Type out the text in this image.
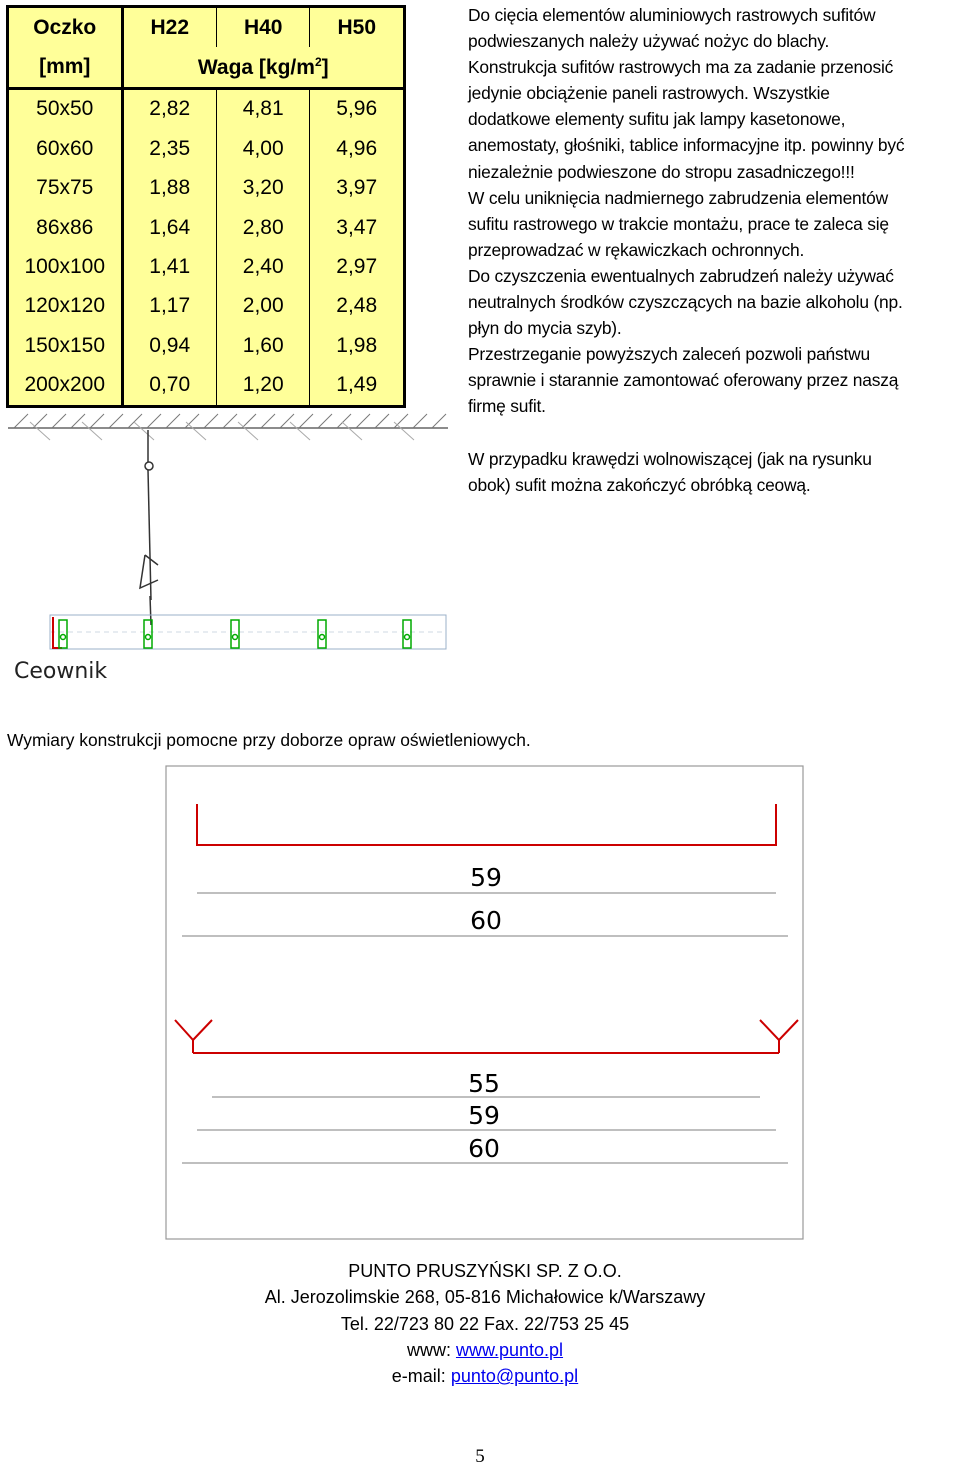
Oczko	H22	H40	H50
[mm]	Waga $[kg/m^2]$		
50x50	2,82	4,81	5,96
60x60	2,35	4,00	4,96
75x75	1,88	3,20	3,97
86x86	1,64	2,80	3,47
100x100	1,41	2,40	2,97
120x120	1,17	2,00	2,48
150x150	0,94	1,60	1,98
200x200	0,70	1,20	1,49

Do cięcia elementów aluminiowych rastrowych sufitów

podwieszanych należy używać nożyc do blachy.

Konstrukcja sufitów rastrowych ma za zadanie przenosić

jedynie obciążenie paneli rastrowych. Wszystkie

dodatkowe elementy sufitu jak lampy kasetonowe,

anemostaty, głośniki, tablice informacyjne itp. powinny być

niezależnie podwieszone do stropu zasadniczego!!!

W celu uniknięcia nadmiernego zabrudzenia elementów

sufitu rastrowego w trakcie montażu, prace te zaleca się

przeprowadzać w rękawiczkach ochronnych.

Do czyszczenia ewentualnych zabrudzeń należy używać

neutralnych środków czyszczących na bazie alkoholu (np.

płyn do mycia szyb).

Przestrzeganie powyższych zaleceń pozwoli państwu

sprawnie i starannie zamontować oferowany przez naszą

firmę sufit.

W przypadku krawędzi wolnowiszącej (jak na rysunku

obok) sufit można zakończyć obróbką ceową.

Ceownik
59
60
55
59
60
Wymiary konstrukcji pomocne przy doborze opraw oświetleniowych.
PUNTO PRUSZYŃSKI SP. Z O.O.
Al. Jerozolimskie 268, 05-816 Michałowice k/Warszawy
Tel. 22/723 80 22 Fax. 22/753 25 45
www: www.punto.pl
e-mail: punto@punto.pl
5
